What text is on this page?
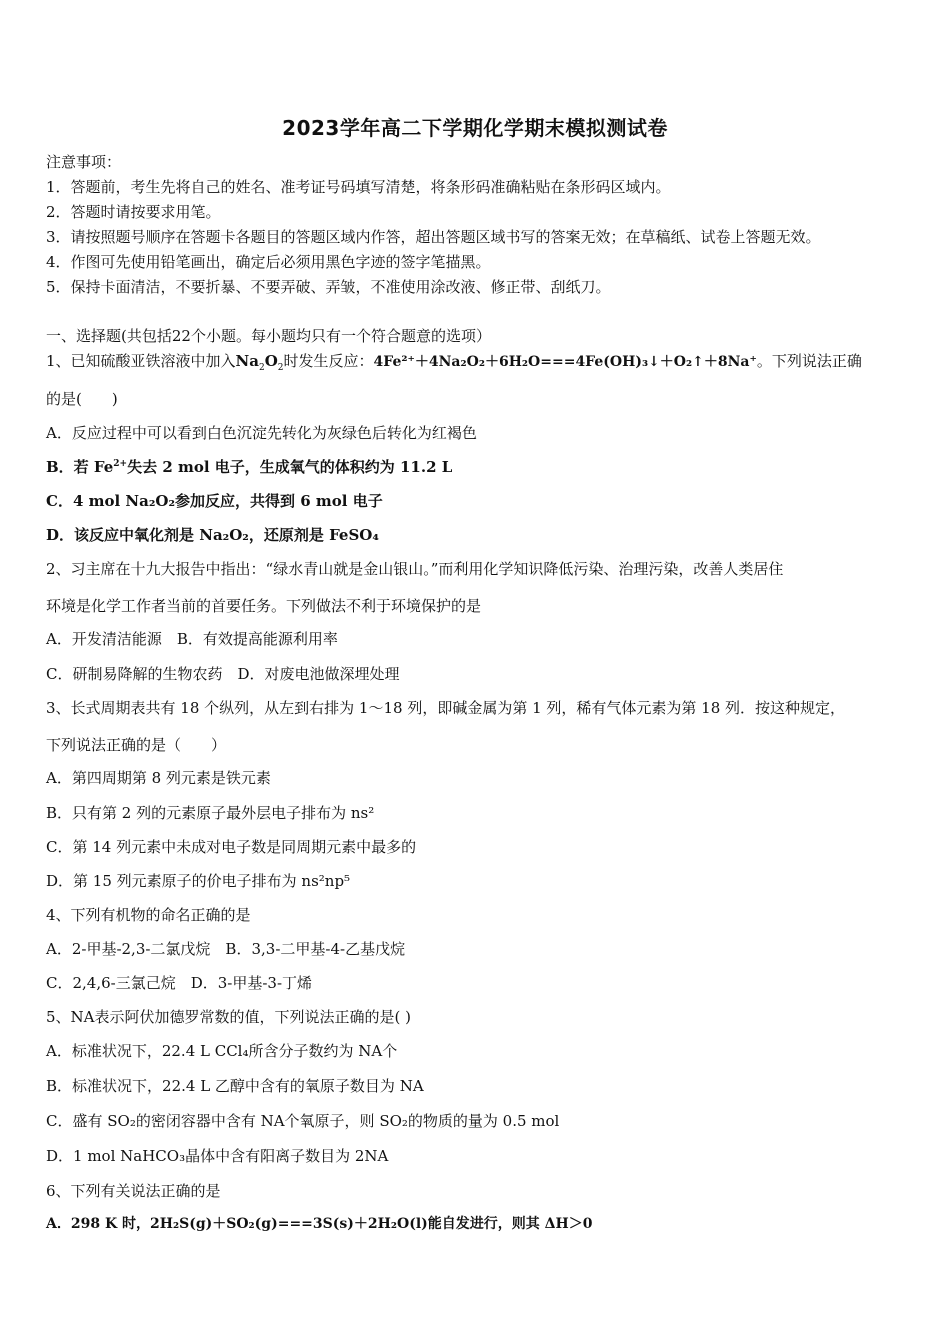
2023学年高二下学期化学期末模拟测试卷
注意事项：
1．答题前，考生先将自己的姓名、准考证号码填写清楚，将条形码准确粘贴在条形码区域内。
2．答题时请按要求用笔。
3．请按照题号顺序在答题卡各题目的答题区域内作答，超出答题区域书写的答案无效；在草稿纸、试卷上答题无效。
4．作图可先使用铅笔画出，确定后必须用黑色字迹的签字笔描黑。
5．保持卡面清洁，不要折暴、不要弄破、弄皱，不准使用涂改液、修正带、刮纸刀。
一、选择题(共包括22个小题。每小题均只有一个符合题意的选项）
1、已知硫酸亚铁溶液中加入$Na_2O_2$时发生反应：4Fe²⁺＋4Na₂O₂＋6H₂O===4Fe(OH)₃↓＋O₂↑＋8Na⁺。下列说法正确
的是(　　)
A．反应过程中可以看到白色沉淀先转化为灰绿色后转化为红褐色
B．若 $Fe^{2+}$失去 2 mol 电子，生成氧气的体积约为 11.2 L
C．4 mol Na₂O₂参加反应，共得到 6 mol 电子
D．该反应中氧化剂是 Na₂O₂，还原剂是 FeSO₄
2、习主席在十九大报告中指出：“绿水青山就是金山银山。”而利用化学知识降低污染、治理污染，改善人类居住
环境是化学工作者当前的首要任务。下列做法不利于环境保护的是
A．开发清洁能源　B．有效提高能源利用率
C．研制易降解的生物农药　D．对废电池做深埋处理
3、长式周期表共有 18 个纵列，从左到右排为 1～18 列，即碱金属为第 1 列，稀有气体元素为第 18 列．按这种规定，
下列说法正确的是（　　）
A．第四周期第 8 列元素是铁元素
B．只有第 2 列的元素原子最外层电子排布为 ns²
C．第 14 列元素中未成对电子数是同周期元素中最多的
D．第 15 列元素原子的价电子排布为 ns²np⁵
4、下列有机物的命名正确的是
A．2-甲基-2,3-二氯戊烷　B．3,3-二甲基-4-乙基戊烷
C．2,4,6-三氯己烷　D．3-甲基-3-丁烯
5、NA表示阿伏加德罗常数的值，下列说法正确的是( )
A．标准状况下，22.4 L CCl₄所含分子数约为 NA个
B．标准状况下，22.4 L 乙醇中含有的氧原子数目为 NA
C．盛有 SO₂的密闭容器中含有 NA个氧原子，则 SO₂的物质的量为 0.5 mol
D．1 mol NaHCO₃晶体中含有阳离子数目为 2NA
6、下列有关说法正确的是
A．298 K 时，2H₂S(g)＋SO₂(g)===3S(s)＋2H₂O(l)能自发进行，则其 ΔH＞0
